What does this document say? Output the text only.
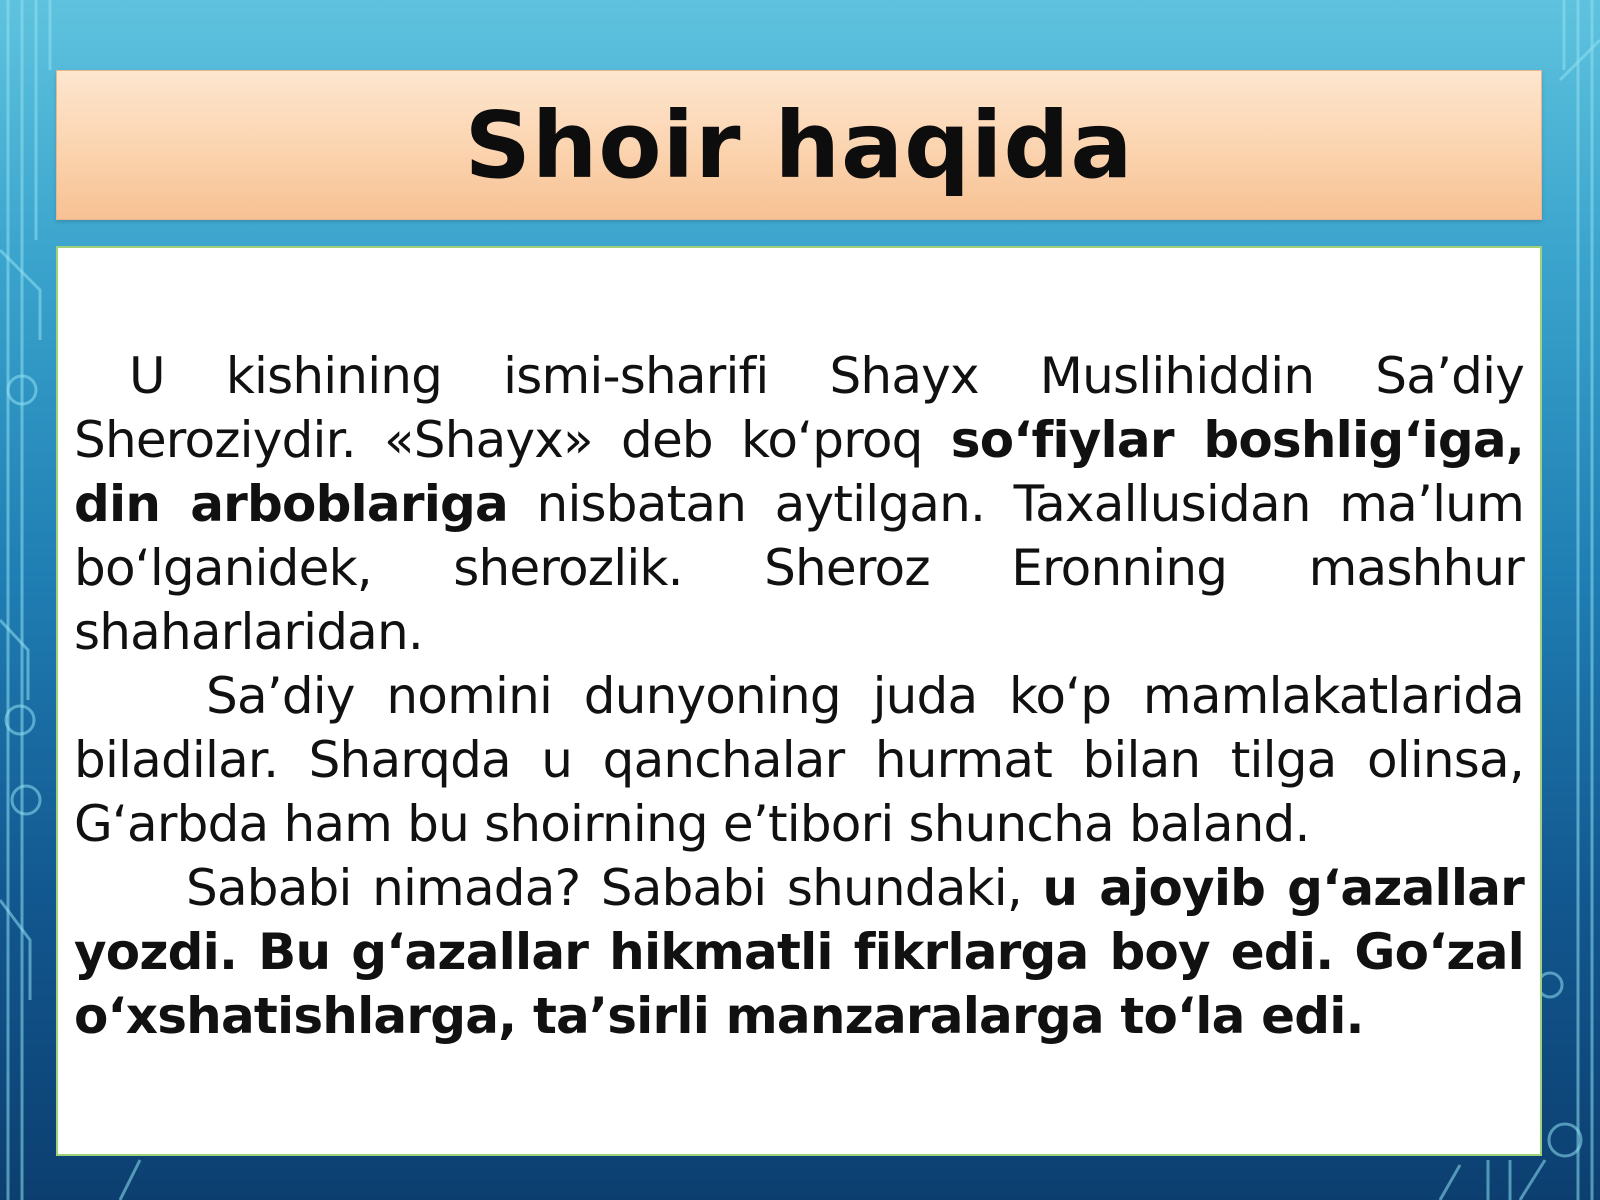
Shoir haqida

U kishining ismi-sharifi Shayx Muslihiddin Sa’diy Sheroziydir. «Shayx» deb koʻproq soʻfiylar boshligʻiga, din arboblariga nisbatan aytilgan. Taxallusidan ma’lum boʻlganidek, sherozlik. Sheroz Eronning mashhur shaharlaridan.

Sa’diy nomini dunyoning juda koʻp mamlakatlarida biladilar. Sharqda u qanchalar hurmat bilan tilga olinsa, Gʻarbda ham bu shoirning e’tibori shuncha baland.

Sababi nimada? Sababi shundaki, u ajoyib gʻazallar yozdi. Bu gʻazallar hikmatli fikrlarga boy edi. Goʻzal oʻxshatishlarga, ta’sirli manzaralarga toʻla edi.
